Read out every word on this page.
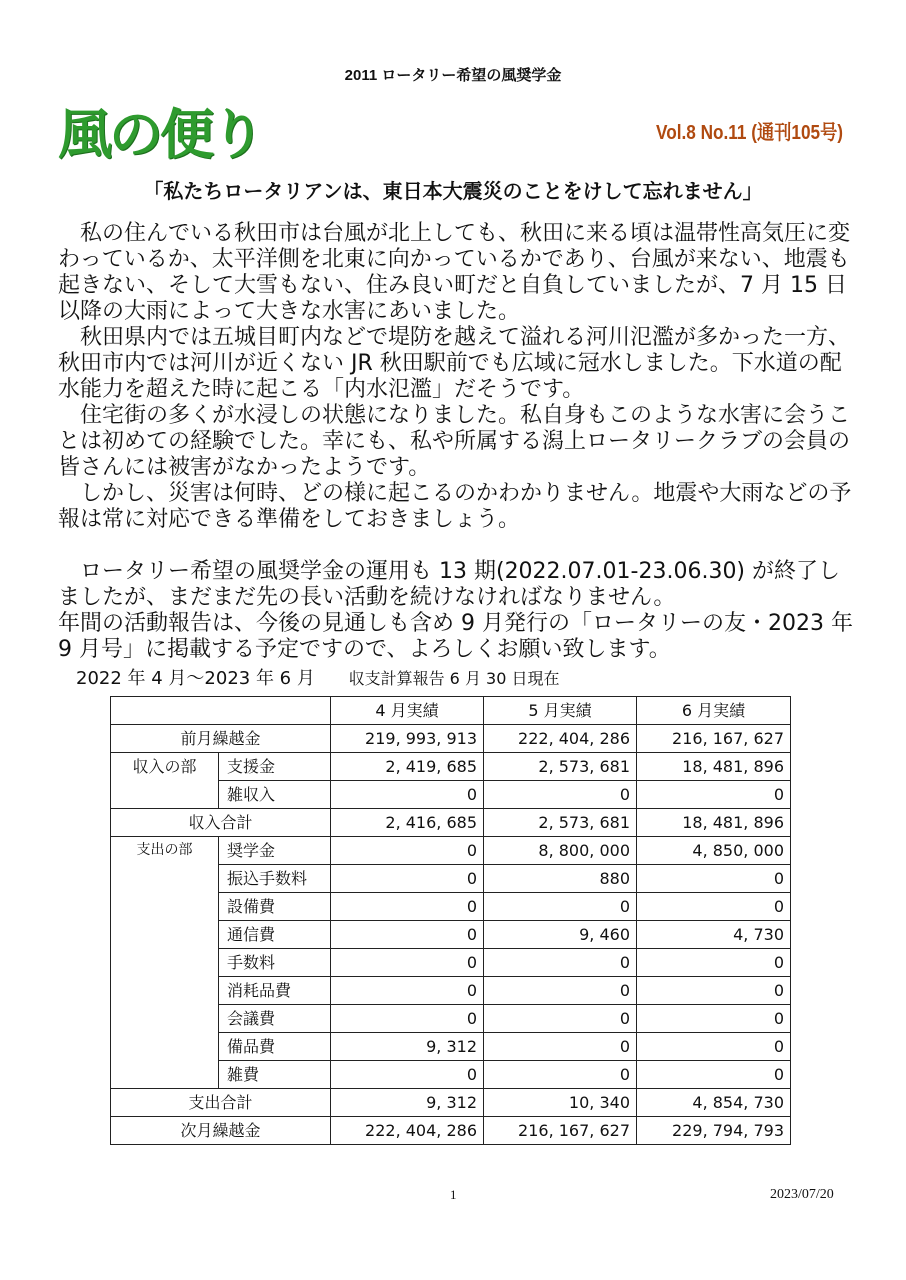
2011 ロータリー希望の風奨学金
風の便り	Vol.8 No.11 (通刊105号)
「私たちロータリアンは、東日本大震災のことをけして忘れません」

　私の住んでいる秋田市は台風が北上しても、秋田に来る頃は温帯性高気圧に変わっているか、太平洋側を北東に向かっているかであり、台風が来ない、地震も起きない、そして大雪もない、住み良い町だと自負していましたが、7 月 15 日以降の大雨によって大きな水害にあいました。

　秋田県内では五城目町内などで堤防を越えて溢れる河川氾濫が多かった一方、秋田市内では河川が近くない JR 秋田駅前でも広域に冠水しました。下水道の配水能力を超えた時に起こる「内水氾濫」だそうです。

　住宅街の多くが水浸しの状態になりました。私自身もこのような水害に会うことは初めての経験でした。幸にも、私や所属する潟上ロータリークラブの会員の皆さんには被害がなかったようです。

　しかし、災害は何時、どの様に起こるのかわかりません。地震や大雨などの予報は常に対応できる準備をしておきましょう。

　ロータリー希望の風奨学金の運用も 13 期(2022.07.01-23.06.30) が終了しましたが、まだまだ先の長い活動を続けなければなりません。

年間の活動報告は、今後の見通しも含め 9 月発行の「ロータリーの友・2023 年 9 月号」に掲載する予定ですので、よろしくお願い致します。

2022 年 4 月～2023 年 6 月 収支計算報告 6 月 30 日現在
		4 月実績	5 月実績	6 月実績
前月繰越金		219, 993, 913	222, 404, 286	216, 167, 627
収入の部	支援金	2, 419, 685	2, 573, 681	18, 481, 896
	雑収入	0	0	0
収入合計		2, 416, 685	2, 573, 681	18, 481, 896
支出の部	奨学金	0	8, 800, 000	4, 850, 000
	振込手数料	0	880	0
	設備費	0	0	0
	通信費	0	9, 460	4, 730
	手数料	0	0	0
	消耗品費	0	0	0
	会議費	0	0	0
	備品費	9, 312	0	0
	雑費	0	0	0
支出合計		9, 312	10, 340	4, 854, 730
次月繰越金		222, 404, 286	216, 167, 627	229, 794, 793
1	2023/07/20
